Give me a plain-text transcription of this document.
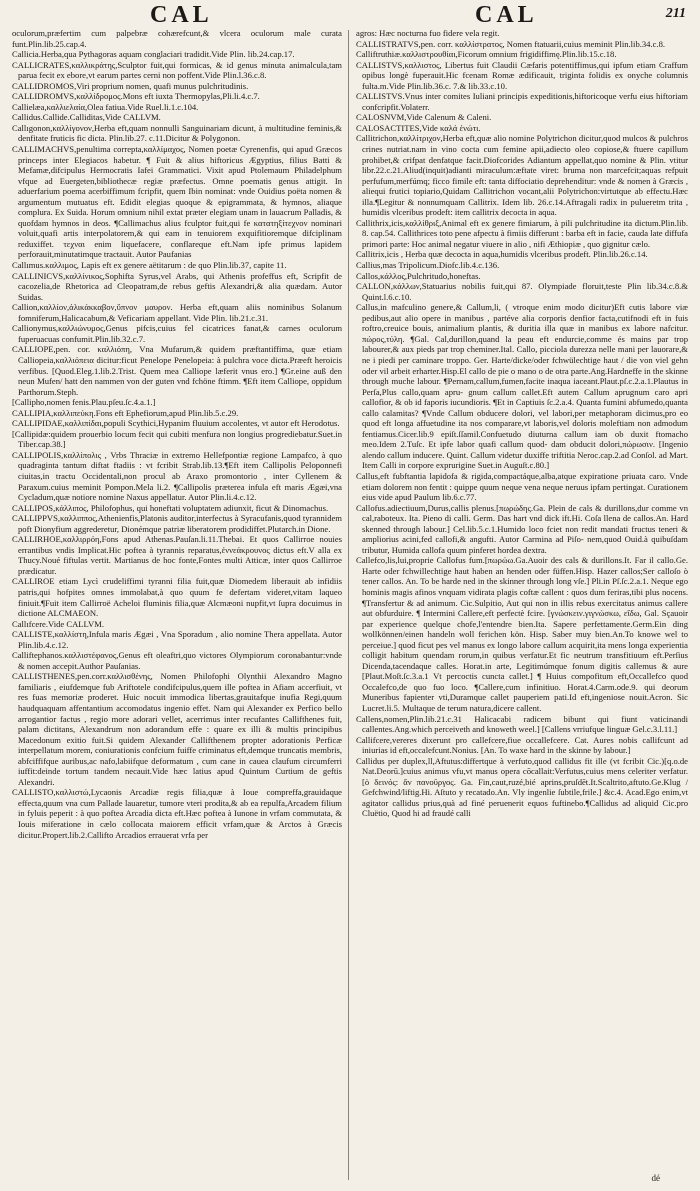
CAL	CAL	211

oculorum,præfertim cum palpebræ cohærefcunt,& vlcera oculorum male curata funt.Plin.lib.25.cap.4.

Callicia.Herba,qua Pythagoras aquam conglaciari tradidit.Vide Plin. lib.24.cap.17.

CALLICRATES,καλλικράτης,Sculptor fuit,qui formicas, & id genus minuta animalcula,tam parua fecit ex ebore,vt earum partes cerni non poffent.Vide Plin.l.36.c.8.

CALLIDROMOS,Viri proprium nomen, quafi munus pulchritudinis.

CALLIDROMVS,καλλίδρομος.Mons eft iuxta Thermopylas,Pli.li.4.c.7.

Callielæa,καλλιελαία,Olea fatiua.Vide Ruel.li.1.c.104.

Callidus.Callide.Calliditas,Vide CALLVM.

Callıgonon,καλλίγονον,Herba eft,quam nonnulli Sanguinariam dicunt, à multitudine feminis,& denfitate fruticis fic dicta. Plin.lib.27. c.11.Dicitur & Polygonon.

CALLIMACHVS,penultima correpta,καλλίμαχος, Nomen poetæ Cyrenenfis, qui apud Græcos princeps inter Elegiacos habetur. ¶ Fuit & alius hiftoricus Ægyptius, filius Batti & Mefamæ,difcipulus Hermocratis Iafei Grammatici. Vixit apud Ptolemaum Philadelphum vfque ad Euergeten,bibliothecæ regiæ præfectus. Omne poematis genus attigit. In aduerfarium poema acerbiffimum fcripfit, quem Ibin nominat: vnde Ouidius poëta nomen & argumentum mutuatus eft. Edidit elegias quoque & epigrammata, & hymnos, aliaque complura. Ex Suida. Horum omnium nihil extat præter elegiam unam in lauacrum Palladis, & quofdam hymnos in deos. ¶Callimachus alius fculptor fuit,qui fe κατατηξίτεχνον nominari voluit,quafi artis interpolatorem,& qui eam in tenuiorem exquifitioremque difciplinam reduxiffet. τεχναι enim liquefacere, conflareque eft.Nam ipfe primus lapidem perforauit,minutatimque tractauit. Autor Paufanias

Callımus.καλλιμος, Lapis eft ex genere aëtitarum : de quo Plin.lib.37, capite 11.

CALLINICVS,καλλίνικος,Sophifta Syrus,vel Arabs, qui Athenis profeffus eft, Scripfit de cacozelia,de Rhetorica ad Cleopatram,de rebus geftis Alexandri,& alia quædam. Autor Suidas.

Callion,καλλίον,ἀλικάκκαβον,ὕπνον μαυρον. Herba eft,quam aliis nominibus Solanum fomniferum,Halicacabum,& Veficariam appellant. Vide Plin. lib.21.c.31.

Callionymus,καλλιώνυμος,Genus pifcis,cuius fel cicatrices fanat,& carnes oculorum fuperuacuas confumit.Plin.lib.32.c.7.

CALLIOPE,pen. cor. καλλιόπη, Vna Mufarum,& quidem præftantiffima, quæ etiam Calliopeia,καλλιόπεια dicitur:ficut Penelope Penelopeia: à pulchra voce dicta.Præeft heroicis verfibus. [Quod.Eleg.1.lib.2.Trist. Quem mea Calliope læferit vnus ero.] ¶Gr.eine auß den neun Mufen/ hatt den nammen von der guten vnd fchöne ftimm. ¶Eft item Calliope, oppidum Parthorum.Steph.

[Callipho,nomen fenis.Plau.pſeu.ſc.4.a.1.]

CALLIPIA,καλλιπεύκη.Fons eft Ephefiorum,apud Plin.lib.5.c.29.

CALLIPIDAE,καλλιπίδαι,populi Scythici,Hypanim fluuium accolentes, vt autor eft Herodotus.

[Callipidæ:quidem prouerbio locum fecit qui cubiti menfura non longius progrediebatur.Suet.in Tiber.cap.38.]

CALLIPOLIS,καλλίπολις , Vrbs Thraciæ in extremo Hellefpontiæ regione Lampafco, à quo quadraginta tantum diftat ftadiis : vt fcribit Strab.lib.13.¶Eft item Callipolis Peloponnefi ciuitas,in tractu Occidentali,non procul ab Araxo promontorio , inter Cyllenem & Paraxum.cuius meminit Pompon.Mela li.2. ¶Callipolis præterea infula eft maris Ægæi,vna Cycladum,quæ notiore nomine Naxus appellatur. Autor Plin.li.4.c.12.

CALLIPOS,κάλλιπος, Philofophus, qui honeftati voluptatem adiunxit, ficut & Dinomachus.

CALLIPPVS,καλλιππος,Athenienfis,Platonis auditor,interfectus à Syracufanis,quod tyrannidem poft Dionyfium aggrederetur, Dionémque patriæ liberatorem prodidiffet.Plutarch.in Dione.

CALLIRHOE,καλλιρρόη,Fons apud Athenas.Pauſan.li.11.Thebai. Et quos Callirroe nouies errantibus vndis Implicat.Hic poftea à tyrannis reparatus,ἐννεάκρουνος dictus eft.V alla ex Thucy.Noué fiftulas vertit. Martianus de hoc fonte,Fontes multi Atticæ, inter quos Callirroe prædicatur.

CALLIROE etiam Lycì crudeliffimi tyranni filia fuit,quæ Diomedem liberauit ab infidiis patris,qui hofpites omnes immolabat,à quo quum fe defertam videret,vitam laqueo finiuit.¶Fuit item Callirroë Acheloi fluminis filia,quæ Alcmæoni nupfit,vt ſupra docuimus in dictione ALCMAEON.

Callıfcere.Vide CALLVM.

CALLISTE,καλλίστη,Infula maris Ægæi , Vna Sporadum , alio nomine Thera appellata. Autor Plin.lib.4.c.12.

Calliftephanos.καλλιστέφανος,Genus eft oleaftri,quo victores Olympiorum coronabantur:vnde & nomen accepit.Author Pauſanias.

CALLISTHENES,pen.corr.καλλισθένης, Nomen Philofophi Olynthii Alexandro Magno familiaris , eiufdemque fub Ariftotele condifcipulus,quem ille poftea in Afiam accerfiuit, vt res fuas memoriæ proderet. Huic nocuit immodica libertas,grauitafque inufia Regi,quum haudquaquam affentantium accomodatus ingenio effet. Nam qui Alexander ex Perfico bello arrogantior factus , regio more adorari vellet, acerrimus inter recufantes Callifthenes fuit, palam dictitans, Alexandrum non adorandum effe : quare ex illi & multis principibus Macedonum exitio fuit.Si quidem Alexander Callifthenem propter adorationis Perficæ interpellatum morem, coniurationis confcium fuiffe criminatus eft,demque truncatis membris, abfciffifque auribus,ac nafo,labiifque deformatum , cum cane in cauea claufum circumferri iuffit:deinde tortum tandem necauit.Vide hæc latius apud Quintum Curtium de geftis Alexandri.

CALLISTO,καλλιστώ,Lycaonis Arcadiæ regis filia,quæ à Ioue compreffa,grauidaque effecta,quum vna cum Pallade lauaretur, tumore vteri prodita,& ab ea repulfa,Arcadem filium in fyluis peperit : à quo poftea Arcadia dicta eft.Hæc poftea à Iunone in vrfam commutata, & Iouis miferatione in cælo collocata maiorem efficit vrfam,quæ & Arctos à Græcis dicitur.Propert.lib.2.Callifto Arcadios errauerat vrfa per

agros: Hæc nocturna fuo fidere vela regit.

CALLISTRATVS,pen. corr. καλλίστρατος, Nomen ftatuarii,cuius meminit Plin.lib.34.c.8.

Calliftruthiæ.καλλιστρουθίαι,Ficorum omnium frigidiffimę.Plin.lib.15.c.18.

CALLISTVS,καλλιστος, Libertus fuit Claudii Cæfaris potentiffimus,qui ipfum etiam Craffum opibus longè fuperauit.Hic fcenam Romæ ædificauit, triginta folidis ex onyche columnis fulta.m.Vide Plin.lib.36.c. 7.& lib.33.c.10.

CALLISTVS.Vnus inter comites Iuliani principis expeditionis,hiftoricoque verfu eius hiftoriam confcripfit.Volaterr.

CALOSNVM,Vide Calenum & Caleni.

CALOSACTITES,Vide καλά ἐνώτι.

Callitrichon,καλλίτριχον,Herba eft,quæ alio nomine Polytrichon dicitur,quod mulcos & pulchros crines nutriat.nam in vino cocta cum femine apii,adiecto oleo copiose,& ftuere capillum prohibet,& crifpat denfatque facit.Diofcorides Adiantum appellat,quo nomine & Plin. vtitur libr.22.c.21.Aliud(inquit)adianti miraculum:æftate viret: bruma non marcefcit;aquas refpuit perfufum,merfúmq; ficco fimile eft: tanta diffociatio deprehenditur: vnde & nomen à Græcis , aliequi frutici topiario,Quidam Callitrichon vocant,alii Polytrichon:virtutque ab effectu.Hæc illa.¶Legitur & nonnumquam Callitrix. Idem lib. 26.c.14.Aftragali radix in pulueretm trita , humidis vlceribus prodeft: item callitrix decocta in aqua.

Callithrix,icis,καλλίθριξ,Animal eft ex genere fimiarum, à pili pulchritudine ita dictum.Plin.lib. 8. cap.54. Callithrices toto pene afpectu à fimiis differunt : barba eft in facie, cauda late diffufa primori parte: Hoc animal negatur viuere in alio , nifi Æthiopiæ , quo gignitur cælo.

Callitrix,icis , Herba quæ decocta in aqua,humidis vlceribus prodeft. Plin.lib.26.c.14.

Callius,mas Tripolicum.Diofc.lib.4.c.136.

Callos,κάλλος,Pulchritudo,honeftas.

CALLON,κάλλων,Statuarius nobilis fuit,qui 87. Olympiade floruit,teste Plin lib.34.c.8.& Quint.l.6.c.10.

Callus,in mafculino genere,& Callum,li, ( vtroque enim modo dicitur)Eft cutis labore viæ pedibus,aut alio opere in manibus , partéve alia corporis denfior facta,cutifnodi eft in fuis roftro,creuice bouis, animalium plantis, & duritia illa quæ in manibus ex labore nafcitur. πώρος,τύλη. ¶Gal. Cal,durillon,quand la peau eft endurcie,comme és mains par trop labourer,& aux pieds par trop cheminer.Ital. Callo, picciola durezza nelle mani per lauorare,& ne i piedi per caminare troppo. Ger. Harte/dicke/oder fchwülechtige haut / die von viel gehn oder vil arbeit erharter.Hisp.El callo de pie o mano o de otra parte.Ang.Hardneffe in the skinne through muche labour. ¶Pernam,callum,fumen,facite inaqua iaceant.Plaut.pſ.c.2.a.1.Plautus in Perſa,Plus callo,quam apru- gnum callum callet.Eft autem Callum aprugnum caro apri callofior, & ob id faporis iucundioris. ¶Et in Captiuis ſc.2.a.4. Quanta fumini abfumedo,quanta callo calamitas? ¶Vnde Callum obducere dolori, vel labori,per metaphoram dicimus,pro eo quod eft longa affuetudine ita nos comparare,vt laboris,vel doloris moleftiam non admodum fentiamus.Cicer.lib.9 epiſt.ſſamil.Confuetudo diuturna callum iam ob duxit ftomacho meo.Idem 2.Tuſc. Et ipfe labor quafi callum quod- dam obducit dolori,πώρωσιν. [Ingenio alendo callum inducere. Quint. Callum videtur duxiffe triftitia Neroc.cap.2.ad Conſol. ad Mart. Item Calli in corpore exprurigine Suet.in Auguſt.c.80.]

Callus,eft fubftantia lapidofa & rigida,compactáque,alba,atque expiratione priuata caro. Vnde etiam dolorem non fentit : quippe quum neque vena neque neruus ipfam pertingat. Curationem eius vide apud Paulum lib.6.c.77.

Callofus.adiectiuum,Durus,callis plenus.[πωρώδης.Ga. Plein de cals & durillons,dur comme vn cal,raboteux. Ita. Pieno di calli. Germ. Das hart vnd dick ift.Hi. Coſa llena de callos.An. Hard skenned through labour.] Cel.lib.5.c.1.Humido loco fciet non redit mandati fructus teneri & ampliorius acini,fed callofi,& angufti. Autor Carmina ad Piſo- nem,quod Ouid.à quibuſdam tributur, Humida callofa quum pinferet hordea dextra.

Callefco,lis,lui,proprie Callofus fum.[πωρώω.Ga.Auoir des cals & durillons.It. Far il callo.Ge. Harte oder fchwillechtige haut haben an henden oder füffen.Hisp. Hazer callos;Ser calloſo ò tener callos. An. To be harde ned in the skinner through long vſe.] Pli.in Pſ.ſc.2.a.1. Neque ego hominis magis afinos vnquam vidirata plagis coftæ callent : quos dum feriras,tibi plus nocens. ¶Transfertur & ad animum. Cic.Sulpitio, Aut qui non in illis rebus exercitatus animus callere aut obfurduire. ¶ Intermini Callere,eft perfectè fcire. [γνώσκειν.γιγνώσκω, εἴδω, Gal. Sçauoir par experience quelque chofe,l'entendre bien.Ita. Sapere perfettamente.Germ.Ein ding wollkönnen/einen handeln woll ferichen kön. Hisp. Saber muy bien.An.To knowe wel to perceiue.] quod ficut pes vel manus ex longo labore callum acquirit,ita mens longa experientia colligit habitum quendam rorum,in quibus verfatur.Et fic neutrum transfitiuum eft.Perſius Dicenda,tacendaque calles. Horat.in arte, Legitimúmque fonum digitis callemus & aure [Plaut.Moſt.ſc.3.a.1 Vt percoctis cuncta callet.] ¶ Huius compofitum eft,Occallefco quod Occalefco,de quo fuo loco. ¶Callere,cum infinitiuo. Horat.4.Carm.ode.9. qui deorum Muneribus fapienter vti,Duramque callet pauperiem pati.Id eft,ingeniose nouit.Acron. Sic Lucret.li.5. Multaque de terum natura,dicere callent.

Callens,nomen,Plin.lib.21.c.31 Halicacabi radicem bibunt qui fiunt vaticinandi callentes.Ang.which perceiveth and knoweth weel.] [Callens vrriufque linguæ Gel.c.3.l.11.]

Callifcere,vereres dixerunt pro callefcere,fiue occallefcere. Cat. Aures nobis callifcunt ad iniurias id eft,occalefcunt.Nonius. [An. To waxe hard in the skinne by labour.]

Callidus per duplex,ll,Aftutus:differtque à verfuto,quod callidus fit ille (vt fcribit Cic.)[q.o.de Nat.Deorū.]cuius animus vfu,vt manus opera cōcallait:Verfutus,cuius mens celeriter verfatur. [ὁ δεινός: ἄν πανοῦργος. Ga. Fin,caut,ruzé,bié aprins,pruſdēt.It.Scaltrito,aftuto.Ge.Klug / Gefchwind/liftig.Hi. Aſtuto y recatado.An. Vly ingenlie ſubtile,frile.] &c.4. Acad.Ego enim,vt agitator callidus prius,quà ad finé peruenerit equos fuftinebo.¶Callidus ad aliquid Cic.pro Cluëtio, Quod hi ad fraudé calli

dé
